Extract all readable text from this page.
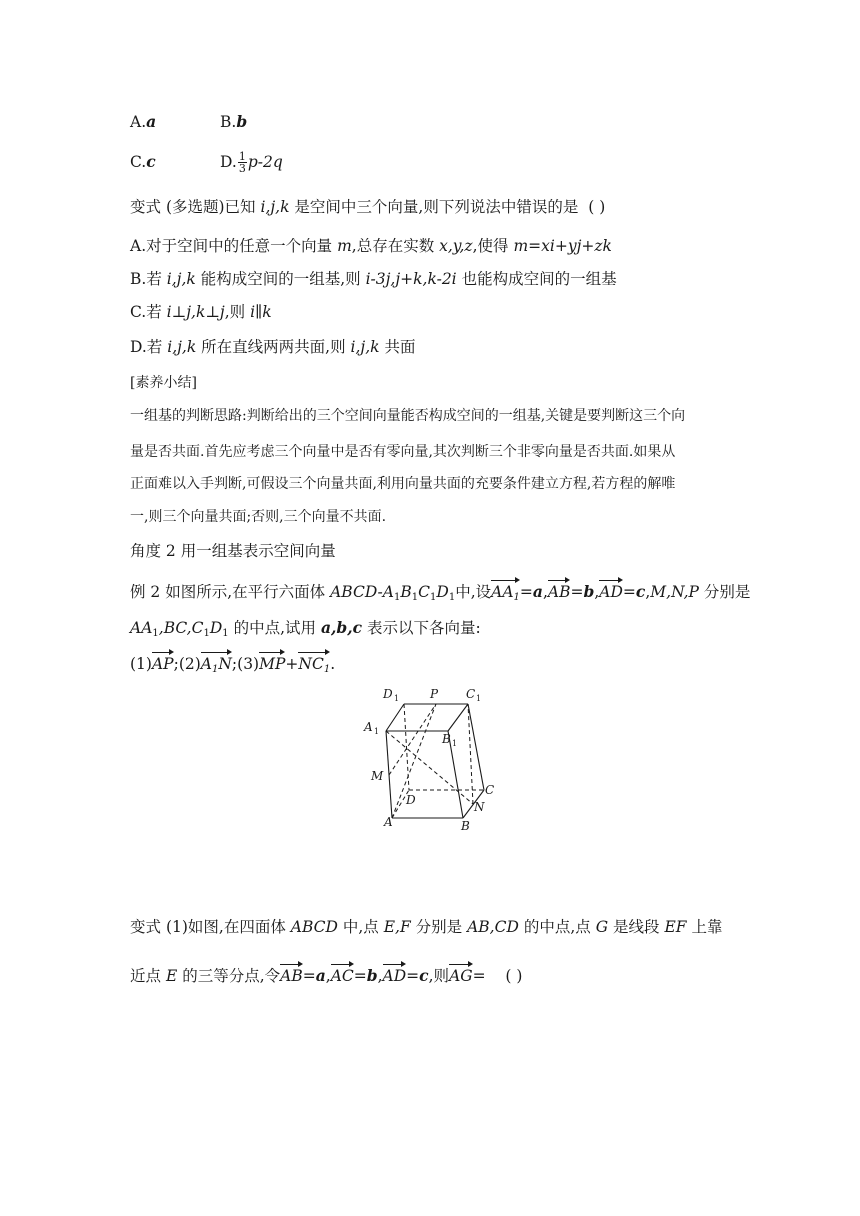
A.a	B.b
C.c	D. $\frac{1}{3} p-2q$
变式 (多选题)已知 i,j,k 是空间中三个向量,则下列说法中错误的是 ( )
A.对于空间中的任意一个向量 m,总存在实数 x,y,z,使得 m=xi+yj+zk
B.若 i,j,k 能构成空间的一组基,则 i-3j,j+k,k-2i 也能构成空间的一组基
C.若 i⊥j,k⊥j,则 i∥k
D.若 i,j,k 所在直线两两共面,则 i,j,k 共面
[素养小结]
一组基的判断思路:判断给出的三个空间向量能否构成空间的一组基,关键是要判断这三个向
量是否共面.首先应考虑三个向量中是否有零向量,其次判断三个非零向量是否共面.如果从
正面难以入手判断,可假设三个向量共面,利用向量共面的充要条件建立方程,若方程的解唯
一,则三个向量共面;否则,三个向量不共面.
角度 2 用一组基表示空间向量
例 2 如图所示,在平行六面体 ABCD-$A_1B_1C_1D_1$中,设$AA_1=a,AB=b,AD=c,M,N,P$ 分别是
$AA_1,BC,C_1D_1$ 的中点,试用 a,b,c 表示以下各向量:
$(1)AP;(2)A_1N;(3)MP+NC_1$.
D 1	P C 1
A 1
B 1
M
D
C
N
A	B
变式 (1)如图,在四面体 ABCD 中,点 E,F 分别是 AB,CD 的中点,点 G 是线段 EF 上靠
近点 E 的三等分点,令AB=a,AC=b,AD=c,则AG= ( )
